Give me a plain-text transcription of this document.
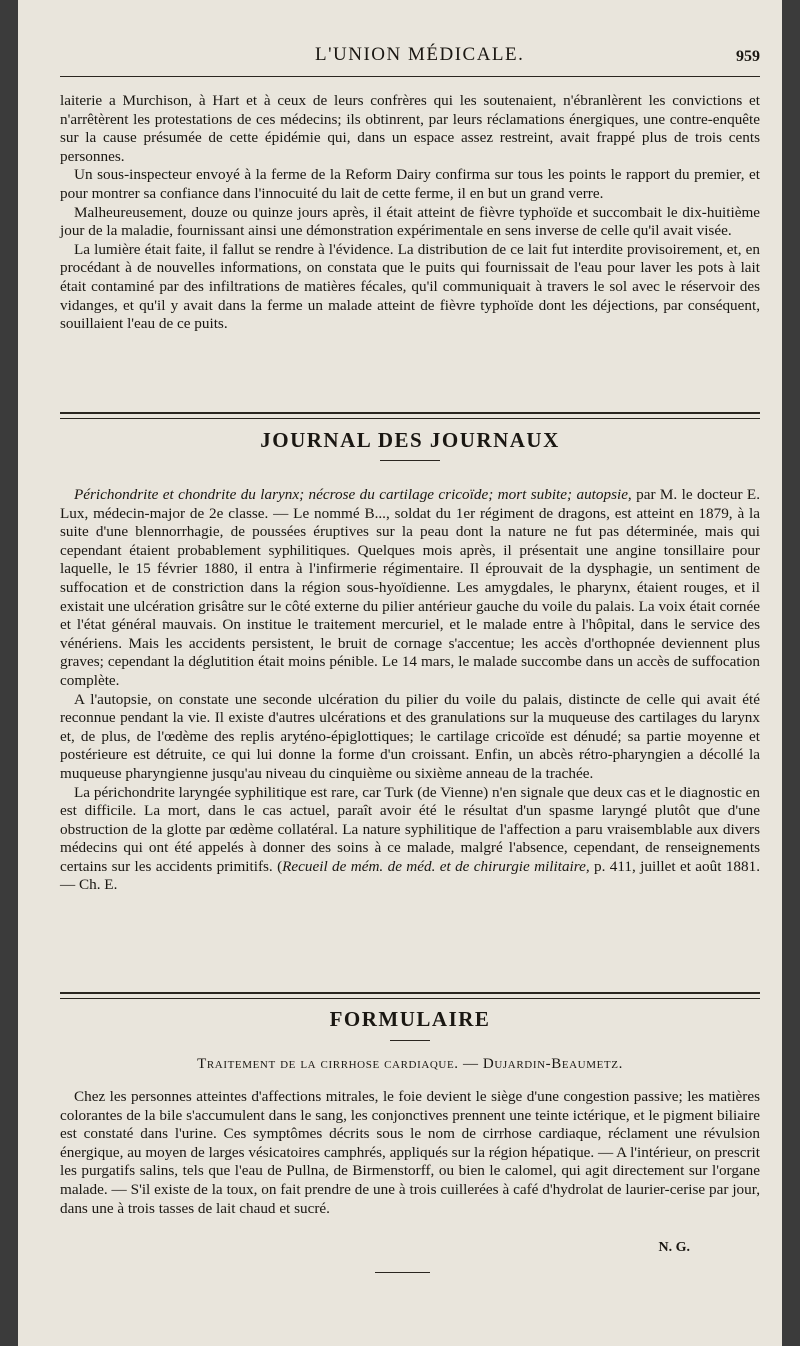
L'UNION MÉDICALE.	959

laiterie a Murchison, à Hart et à ceux de leurs confrères qui les soutenaient, n'ébranlèrent les convictions et n'arrêtèrent les protestations de ces médecins; ils obtinrent, par leurs réclamations énergiques, une contre-enquête sur la cause présumée de cette épidémie qui, dans un espace assez restreint, avait frappé plus de trois cents personnes.

Un sous-inspecteur envoyé à la ferme de la Reform Dairy confirma sur tous les points le rapport du premier, et pour montrer sa confiance dans l'innocuité du lait de cette ferme, il en but un grand verre.

Malheureusement, douze ou quinze jours après, il était atteint de fièvre typhoïde et succombait le dix-huitième jour de la maladie, fournissant ainsi une démonstration expérimentale en sens inverse de celle qu'il avait visée.

La lumière était faite, il fallut se rendre à l'évidence. La distribution de ce lait fut interdite provisoirement, et, en procédant à de nouvelles informations, on constata que le puits qui fournissait de l'eau pour laver les pots à lait était contaminé par des infiltrations de matières fécales, qu'il communiquait à travers le sol avec le réservoir des vidanges, et qu'il y avait dans la ferme un malade atteint de fièvre typhoïde dont les déjections, par conséquent, souillaient l'eau de ce puits.

JOURNAL DES JOURNAUX

Périchondrite et chondrite du larynx; nécrose du cartilage cricoïde; mort subite; autopsie, par M. le docteur E. Lux, médecin-major de 2e classe. — Le nommé B..., soldat du 1er régiment de dragons, est atteint en 1879, à la suite d'une blennorrhagie, de poussées éruptives sur la peau dont la nature ne fut pas déterminée, mais qui cependant étaient probablement syphilitiques. Quelques mois après, il présentait une angine tonsillaire pour laquelle, le 15 février 1880, il entra à l'infirmerie régimentaire. Il éprouvait de la dysphagie, un sentiment de suffocation et de constriction dans la région sous-hyoïdienne. Les amygdales, le pharynx, étaient rouges, et il existait une ulcération grisâtre sur le côté externe du pilier antérieur gauche du voile du palais. La voix était cornée et l'état général mauvais. On institue le traitement mercuriel, et le malade entre à l'hôpital, dans le service des vénériens. Mais les accidents persistent, le bruit de cornage s'accentue; les accès d'orthopnée deviennent plus graves; cependant la déglutition était moins pénible. Le 14 mars, le malade succombe dans un accès de suffocation complète.

A l'autopsie, on constate une seconde ulcération du pilier du voile du palais, distincte de celle qui avait été reconnue pendant la vie. Il existe d'autres ulcérations et des granulations sur la muqueuse des cartilages du larynx et, de plus, de l'œdème des replis aryténo-épiglottiques; le cartilage cricoïde est dénudé; sa partie moyenne et postérieure est détruite, ce qui lui donne la forme d'un croissant. Enfin, un abcès rétro-pharyngien a décollé la muqueuse pharyngienne jusqu'au niveau du cinquième ou sixième anneau de la trachée.

La périchondrite laryngée syphilitique est rare, car Turk (de Vienne) n'en signale que deux cas et le diagnostic en est difficile. La mort, dans le cas actuel, paraît avoir été le résultat d'un spasme laryngé plutôt que d'une obstruction de la glotte par œdème collatéral. La nature syphilitique de l'affection a paru vraisemblable aux divers médecins qui ont été appelés à donner des soins à ce malade, malgré l'absence, cependant, de renseignements certains sur les accidents primitifs. (Recueil de mém. de méd. et de chirurgie militaire, p. 411, juillet et août 1881. — Ch. E.

FORMULAIRE
Traitement de la cirrhose cardiaque. — Dujardin-Beaumetz.

Chez les personnes atteintes d'affections mitrales, le foie devient le siège d'une congestion passive; les matières colorantes de la bile s'accumulent dans le sang, les conjonctives prennent une teinte ictérique, et le pigment biliaire est constaté dans l'urine. Ces symptômes décrits sous le nom de cirrhose cardiaque, réclament une révulsion énergique, au moyen de larges vésicatoires camphrés, appliqués sur la région hépatique. — A l'intérieur, on prescrit les purgatifs salins, tels que l'eau de Pullna, de Birmenstorff, ou bien le calomel, qui agit directement sur l'organe malade. — S'il existe de la toux, on fait prendre de une à trois cuillerées à café d'hydrolat de laurier-cerise par jour, dans une à trois tasses de lait chaud et sucré.

N. G.
